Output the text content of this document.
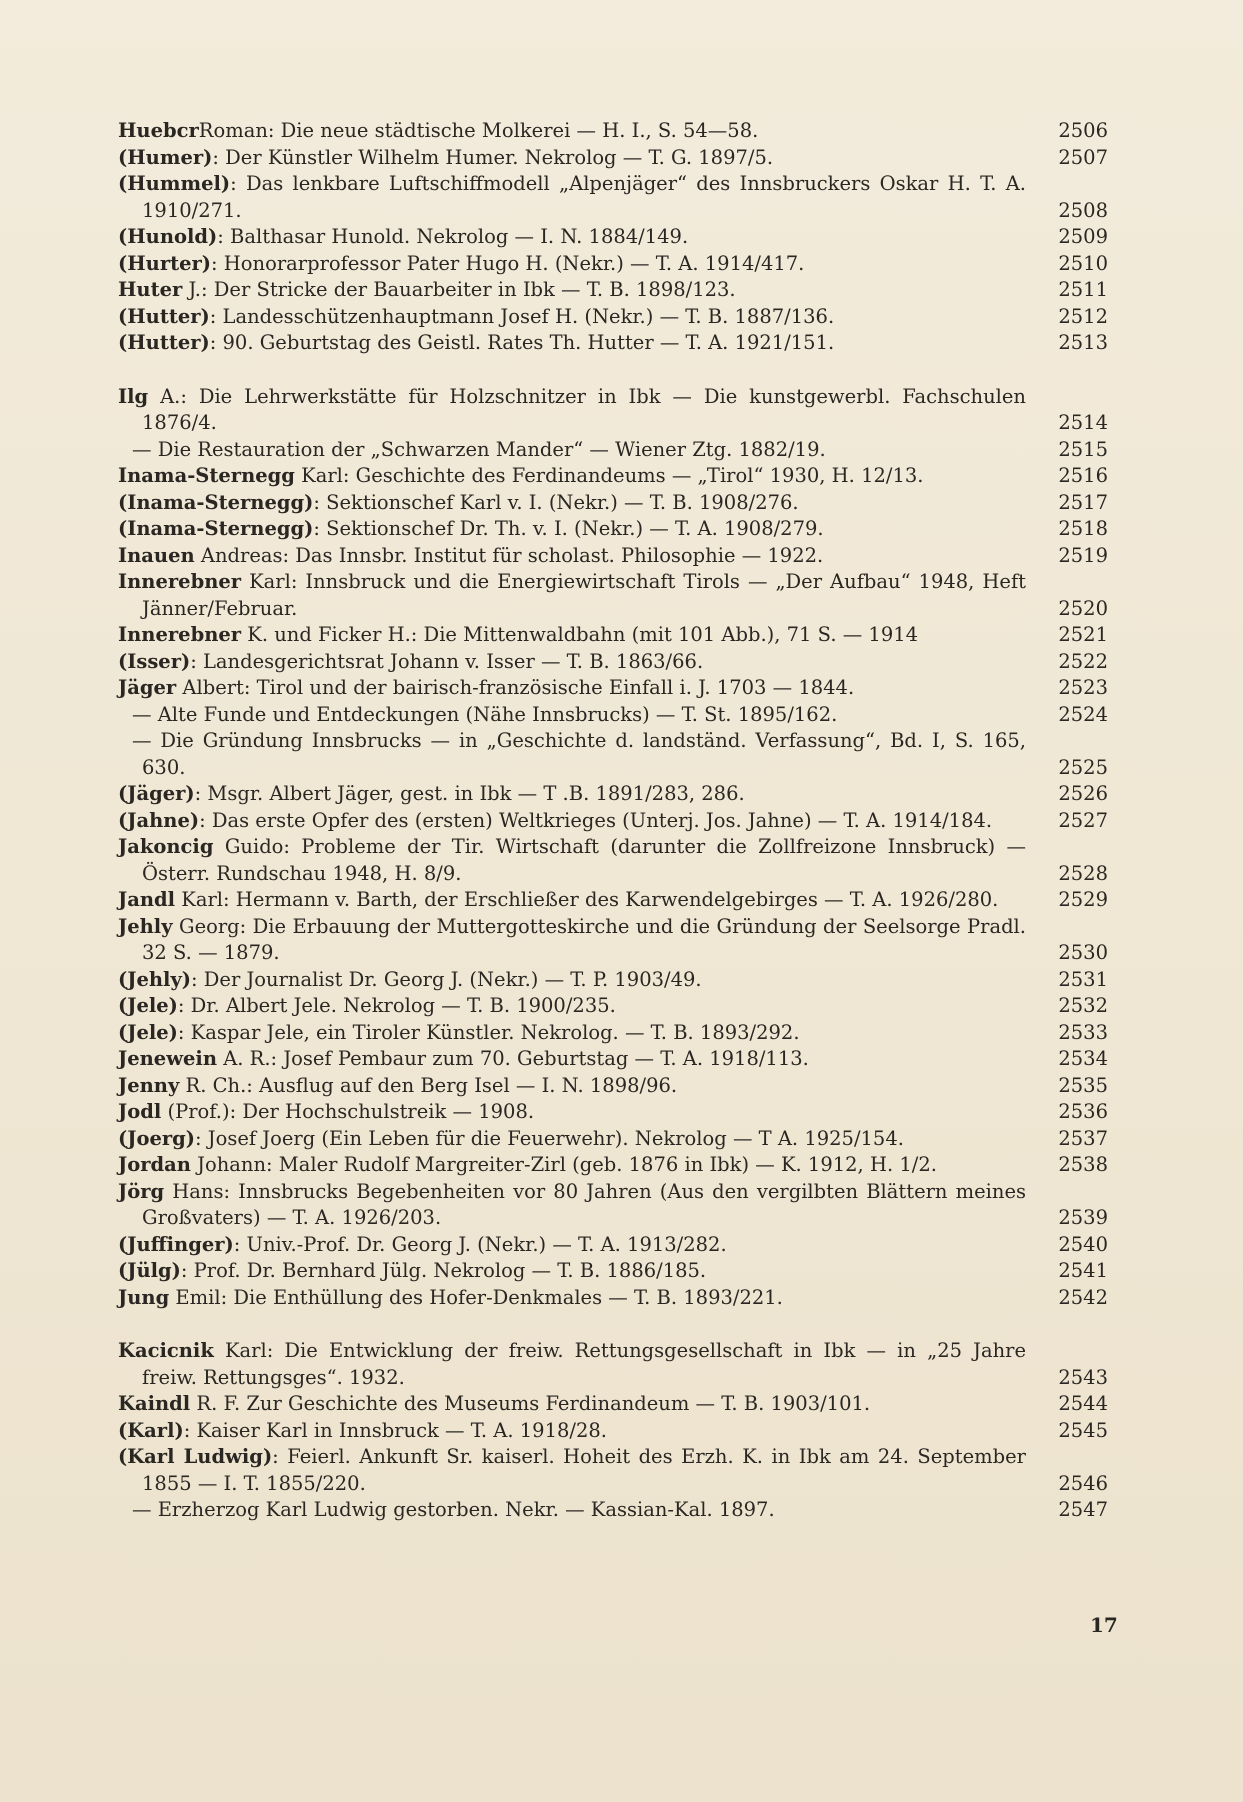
HuebcrRoman: Die neue städtische Molkerei — H. I., S. 54—58.	2506
(Humer): Der Künstler Wilhelm Humer. Nekrolog — T. G. 1897/5.	2507
(Hummel): Das lenkbare Luftschiffmodell „Alpenjäger“ des Innsbruckers Oskar H. T. A. 1910/271.	2508
(Hunold): Balthasar Hunold. Nekrolog — I. N. 1884/149.	2509
(Hurter): Honorarprofessor Pater Hugo H. (Nekr.) — T. A. 1914/417.	2510
Huter J.: Der Stricke der Bauarbeiter in Ibk — T. B. 1898/123.	2511
(Hutter): Landesschützenhauptmann Josef H. (Nekr.) — T. B. 1887/136.	2512
(Hutter): 90. Geburtstag des Geistl. Rates Th. Hutter — T. A. 1921/151.	2513
Ilg A.: Die Lehrwerkstätte für Holzschnitzer in Ibk — Die kunstgewerbl. Fachschulen 1876/4.	2514
— Die Restauration der „Schwarzen Mander“ — Wiener Ztg. 1882/19.	2515
Inama-Sternegg Karl: Geschichte des Ferdinandeums — „Tirol“ 1930, H. 12/13.	2516
(Inama-Sternegg): Sektionschef Karl v. I. (Nekr.) — T. B. 1908/276.	2517
(Inama-Sternegg): Sektionschef Dr. Th. v. I. (Nekr.) — T. A. 1908/279.	2518
Inauen Andreas: Das Innsbr. Institut für scholast. Philosophie — 1922.	2519
Innerebner Karl: Innsbruck und die Energiewirtschaft Tirols — „Der Aufbau“ 1948, Heft Jänner/Februar.	2520
Innerebner K. und Ficker H.: Die Mittenwaldbahn (mit 101 Abb.), 71 S. — 1914	2521
(Isser): Landesgerichtsrat Johann v. Isser — T. B. 1863/66.	2522
Jäger Albert: Tirol und der bairisch-französische Einfall i. J. 1703 — 1844.	2523
— Alte Funde und Entdeckungen (Nähe Innsbrucks) — T. St. 1895/162.	2524
— Die Gründung Innsbrucks — in „Geschichte d. landständ. Verfassung“, Bd. I, S. 165, 630.	2525
(Jäger): Msgr. Albert Jäger, gest. in Ibk — T .B. 1891/283, 286.	2526
(Jahne): Das erste Opfer des (ersten) Weltkrieges (Unterj. Jos. Jahne) — T. A. 1914/184.	2527
Jakoncig Guido: Probleme der Tir. Wirtschaft (darunter die Zollfreizone Innsbruck) — Österr. Rundschau 1948, H. 8/9.	2528
Jandl Karl: Hermann v. Barth, der Erschließer des Karwendelgebirges — T. A. 1926/280.	2529
Jehly Georg: Die Erbauung der Muttergotteskirche und die Gründung der Seelsorge Pradl. 32 S. — 1879.	2530
(Jehly): Der Journalist Dr. Georg J. (Nekr.) — T. P. 1903/49.	2531
(Jele): Dr. Albert Jele. Nekrolog — T. B. 1900/235.	2532
(Jele): Kaspar Jele, ein Tiroler Künstler. Nekrolog. — T. B. 1893/292.	2533
Jenewein A. R.: Josef Pembaur zum 70. Geburtstag — T. A. 1918/113.	2534
Jenny R. Ch.: Ausflug auf den Berg Isel — I. N. 1898/96.	2535
Jodl (Prof.): Der Hochschulstreik — 1908.	2536
(Joerg): Josef Joerg (Ein Leben für die Feuerwehr). Nekrolog — T A. 1925/154.	2537
Jordan Johann: Maler Rudolf Margreiter-Zirl (geb. 1876 in Ibk) — K. 1912, H. 1/2.	2538
Jörg Hans: Innsbrucks Begebenheiten vor 80 Jahren (Aus den vergilbten Blättern meines Großvaters) — T. A. 1926/203.	2539
(Juffinger): Univ.-Prof. Dr. Georg J. (Nekr.) — T. A. 1913/282.	2540
(Jülg): Prof. Dr. Bernhard Jülg. Nekrolog — T. B. 1886/185.	2541
Jung Emil: Die Enthüllung des Hofer-Denkmales — T. B. 1893/221.	2542
Kacicnik Karl: Die Entwicklung der freiw. Rettungsgesellschaft in Ibk — in „25 Jahre freiw. Rettungsges“. 1932.	2543
Kaindl R. F. Zur Geschichte des Museums Ferdinandeum — T. B. 1903/101.	2544
(Karl): Kaiser Karl in Innsbruck — T. A. 1918/28.	2545
(Karl Ludwig): Feierl. Ankunft Sr. kaiserl. Hoheit des Erzh. K. in Ibk am 24. September 1855 — I. T. 1855/220.	2546
— Erzherzog Karl Ludwig gestorben. Nekr. — Kassian-Kal. 1897.	2547
17
